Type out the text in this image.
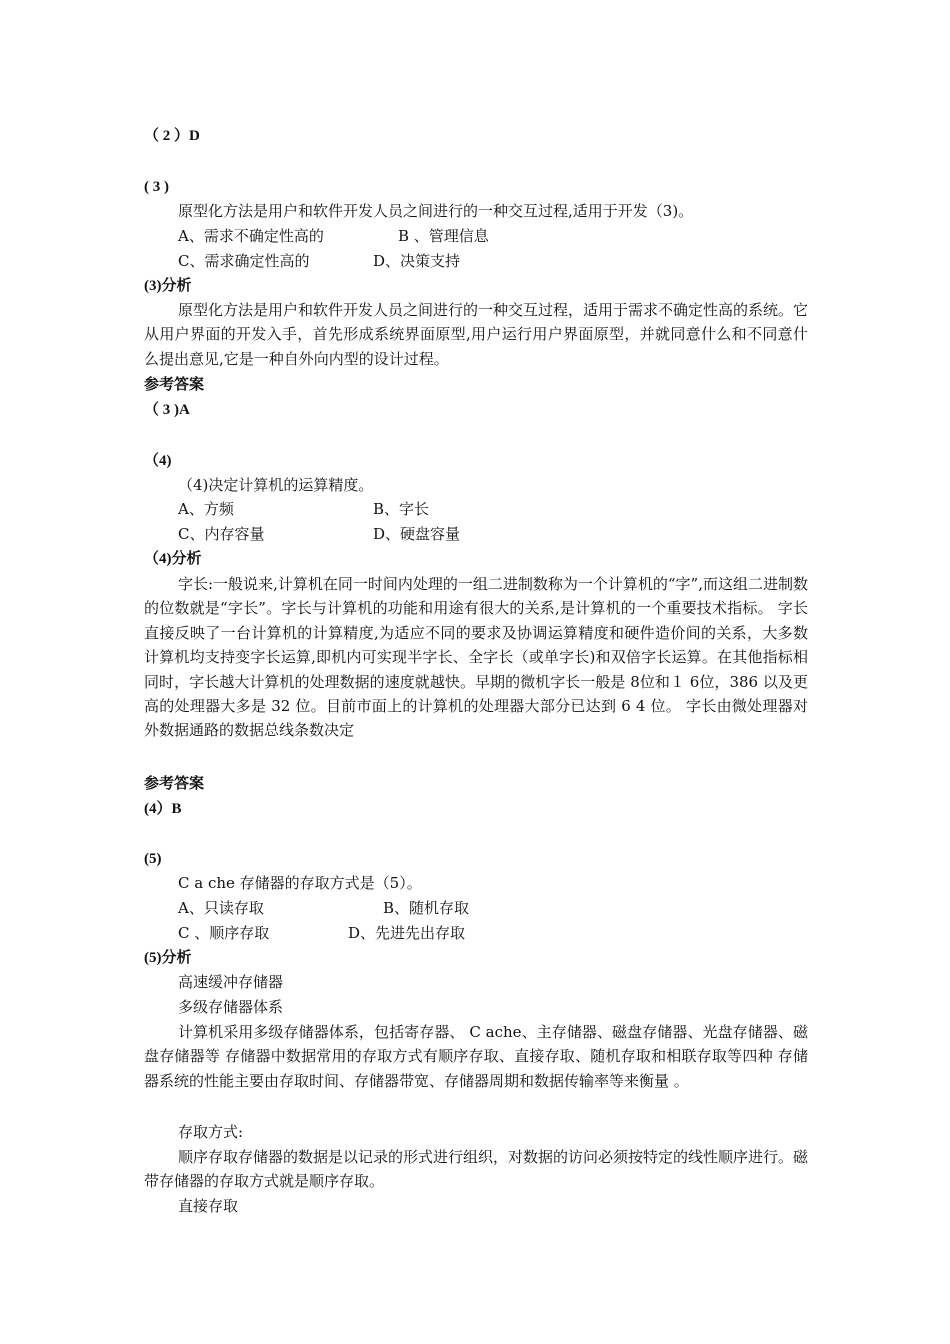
（ 2 ）D
( 3 )
原型化方法是用户和软件开发人员之间进行的一种交互过程,适用于开发（3)。
A、需求不确定性高的	B 、管理信息
C、需求确定性高的	D、决策支持
(3)分析
原型化方法是用户和软件开发人员之间进行的一种交互过程，适用于需求不确定性高的系统。它从用户界面的开发入手，首先形成系统界面原型,用户运行用户界面原型，并就同意什么和不同意什么提出意见,它是一种自外向内型的设计过程。
参考答案
（ 3 )A
（4)
（4)决定计算机的运算精度。
A、方频	B、字长
C、内存容量	D、硬盘容量
（4)分析
字长:一般说来,计算机在同一时间内处理的一组二进制数称为一个计算机的“字”,而这组二进制数的位数就是“字长”。字长与计算机的功能和用途有很大的关系,是计算机的一个重要技术指标。 字长直接反映了一台计算机的计算精度,为适应不同的要求及协调运算精度和硬件造价间的关系，大多数计算机均支持变字长运算,即机内可实现半字长、全字长（或单字长)和双倍字长运算。在其他指标相同时，字长越大计算机的处理数据的速度就越快。早期的微机字长一般是 8位和１ 6位，386 以及更高的处理器大多是 32 位。目前市面上的计算机的处理器大部分已达到 6 4 位。 字长由微处理器对外数据通路的数据总线条数决定
参考答案
(4）B
(5)
C a che 存储器的存取方式是（5）。
A、只读存取	B、随机存取
C 、顺序存取	D、先进先出存取
(5)分析
高速缓冲存储器
多级存储器体系
计算机采用多级存储器体系，包括寄存器、 C ache、主存储器、磁盘存储器、光盘存储器、磁盘存储器等 存储器中数据常用的存取方式有顺序存取、直接存取、随机存取和相联存取等四种 存储器系统的性能主要由存取时间、存储器带宽、存储器周期和数据传输率等来衡量 。
存取方式:
顺序存取存储器的数据是以记录的形式进行组织，对数据的访问必须按特定的线性顺序进行。磁带存储器的存取方式就是顺序存取。
直接存取
